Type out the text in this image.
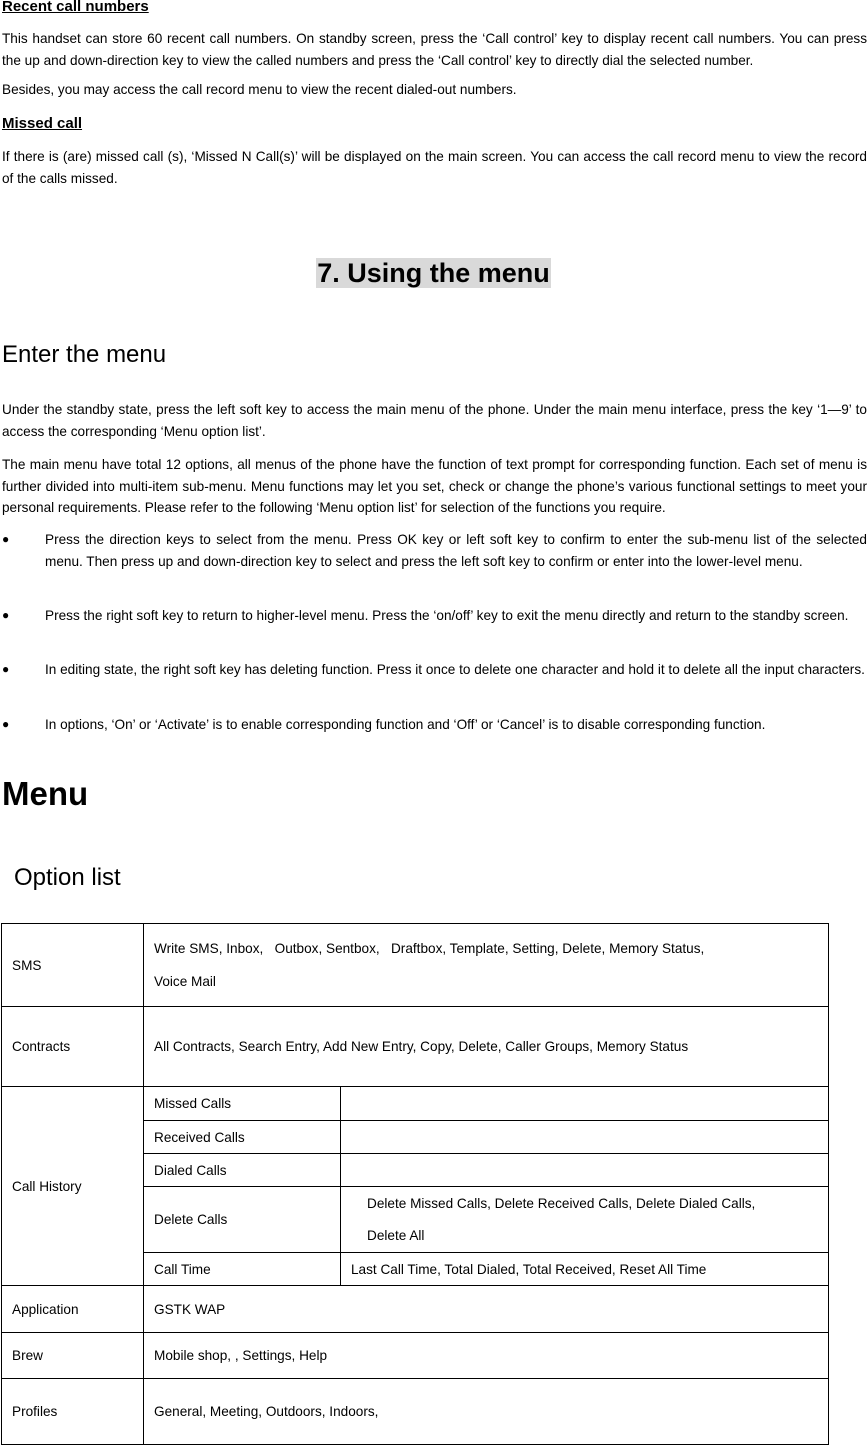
Recent call numbers

This handset can store 60 recent call numbers. On standby screen, press the ‘Call control’ key to display recent call numbers. You can press the up and down-direction key to view the called numbers and press the ‘Call control’ key to directly dial the selected number.

Besides, you may access the call record menu to view the recent dialed-out numbers.

Missed call

If there is (are) missed call (s), ‘Missed N Call(s)’ will be displayed on the main screen. You can access the call record menu to view the record of the calls missed.

7. Using the menu
Enter the menu

Under the standby state, press the left soft key to access the main menu of the phone. Under the main menu interface, press the key ‘1—9’ to access the corresponding ‘Menu option list’.

The main menu have total 12 options, all menus of the phone have the function of text prompt for corresponding function. Each set of menu is further divided into multi-item sub-menu. Menu functions may let you set, check or change the phone’s various functional settings to meet your personal requirements. Please refer to the following ‘Menu option list’ for selection of the functions you require.

●	Press the direction keys to select from the menu. Press OK key or left soft key to confirm to enter the sub-menu list of the selected menu. Then press up and down-direction key to select and press the left soft key to confirm or enter into the lower-level menu.

●	Press the right soft key to return to higher-level menu. Press the ‘on/off’ key to exit the menu directly and return to the standby screen.

●	In editing state, the right soft key has deleting function. Press it once to delete one character and hold it to delete all the input characters.

●	In options, ‘On’ or ‘Activate’ is to enable corresponding function and ‘Off’ or ‘Cancel’ is to disable corresponding function.

Menu
Option list
SMS	Write SMS, Inbox,   Outbox, Sentbox,   Draftbox, Template, Setting, Delete, Memory Status,
Voice Mail	

Contracts	All Contracts, Search Entry, Add New Entry, Copy, Delete, Caller Groups, Memory Status	
Call History	Missed Calls	
	Received Calls	
	Dialed Calls	
	Delete Calls	Delete Missed Calls, Delete Received Calls, Delete Dialed Calls,
Delete All

	Call Time	Last Call Time, Total Dialed, Total Received, Reset All Time
Application	GSTK WAP	
Brew	Mobile shop, , Settings, Help	
Profiles	General, Meeting, Outdoors, Indoors,	
